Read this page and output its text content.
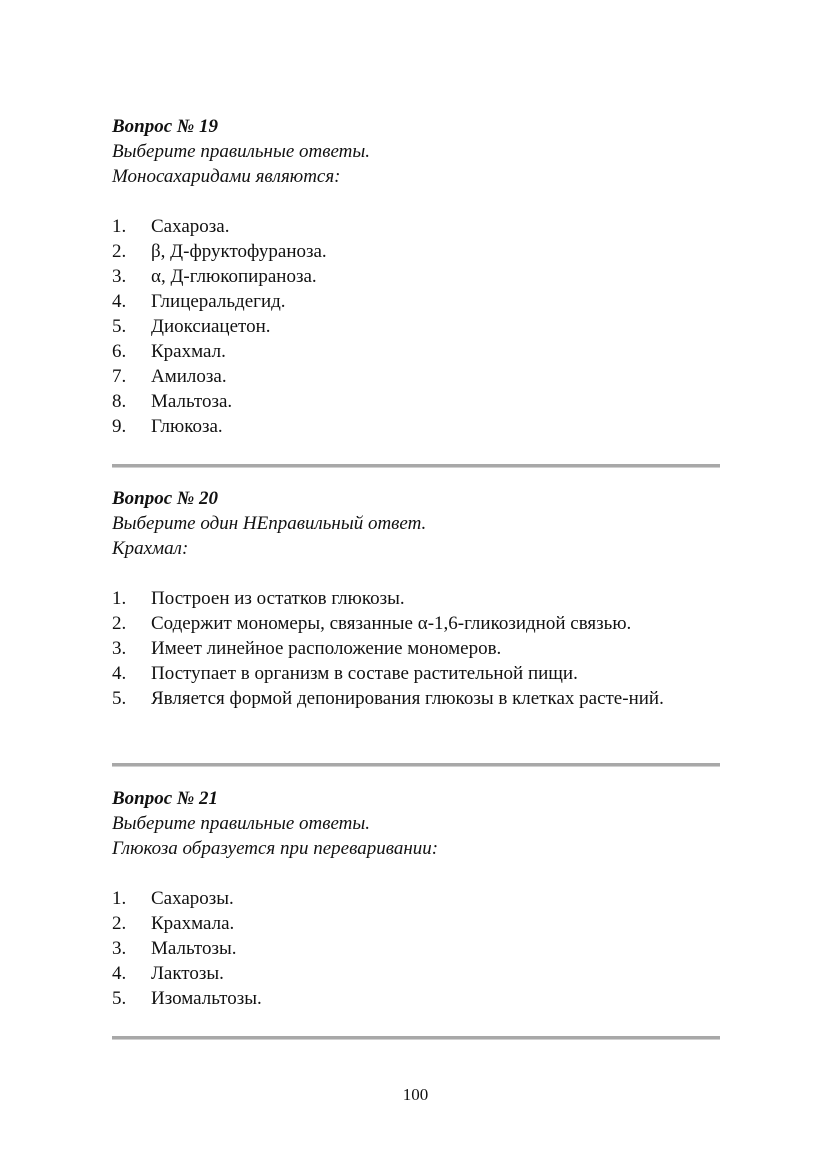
Вопрос № 19

Выберите правильные ответы.

Моносахаридами являются:

1. Сахароза.
2. β, Д-фруктофураноза.
3. α, Д-глюкопираноза.
4. Глицеральдегид.
5. Диоксиацетон.
6. Крахмал.
7. Амилоза.
8. Мальтоза.
9. Глюкоза.

Вопрос № 20

Выберите один НЕправильный ответ.

Крахмал:

1. Построен из остатков глюкозы.
2. Содержит мономеры, связанные α-1,6-гликозидной связью.
3. Имеет линейное расположение мономеров.
4. Поступает в организм в составе растительной пищи.
5. Является формой депонирования глюкозы в клетках расте-ний.

Вопрос № 21

Выберите правильные ответы.

Глюкоза образуется при переваривании:

1. Сахарозы.
2. Крахмала.
3. Мальтозы.
4. Лактозы.
5. Изомальтозы.
100
